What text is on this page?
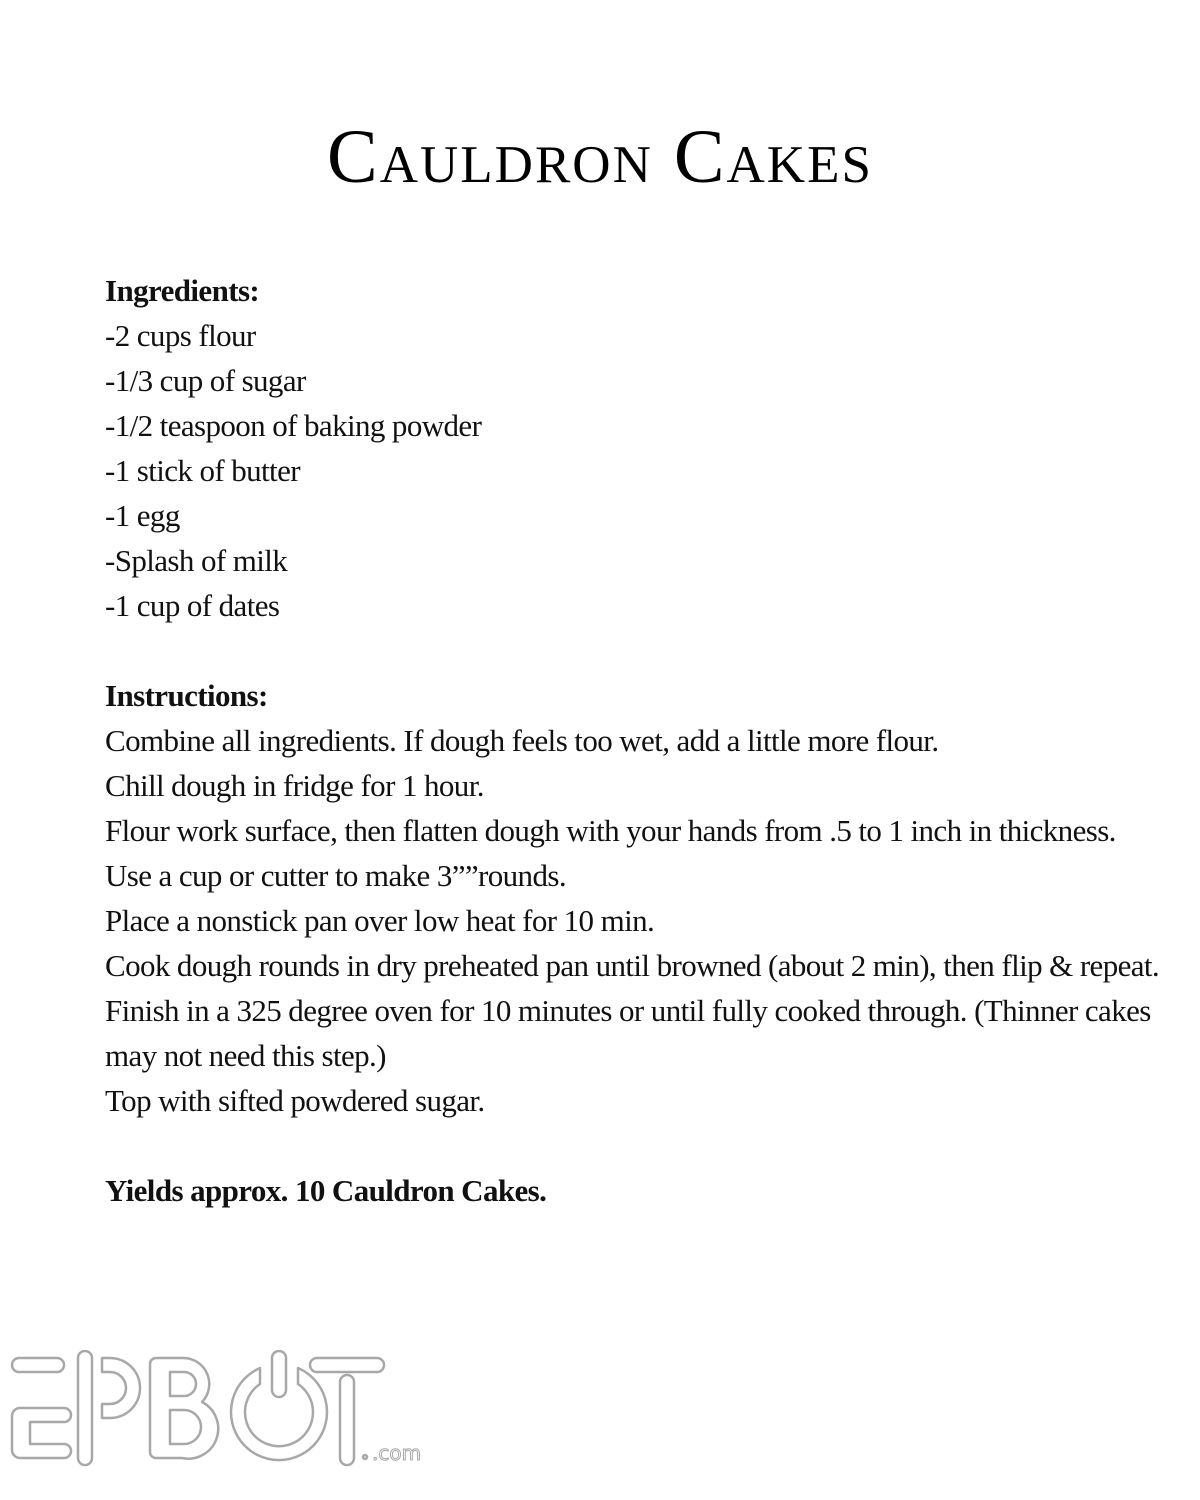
Cauldron Cakes
Ingredients:
-2 cups flour
-1/3 cup of sugar
-1/2 teaspoon of baking powder
-1 stick of butter
-1 egg
-Splash of milk
-1 cup of dates
Instructions:
Combine all ingredients. If dough feels too wet, add a little more flour.
Chill dough in fridge for 1 hour.
Flour work surface, then flatten dough with your hands from .5 to 1 inch in thickness.
Use a cup or cutter to make 3””rounds.
Place a nonstick pan over low heat for 10 min.
Cook dough rounds in dry preheated pan until browned (about 2 min), then flip & repeat.
Finish in a 325 degree oven for 10 minutes or until fully cooked through. (Thinner cakes
may not need this step.)
Top with sifted powdered sugar.
Yields approx. 10 Cauldron Cakes.
.com
